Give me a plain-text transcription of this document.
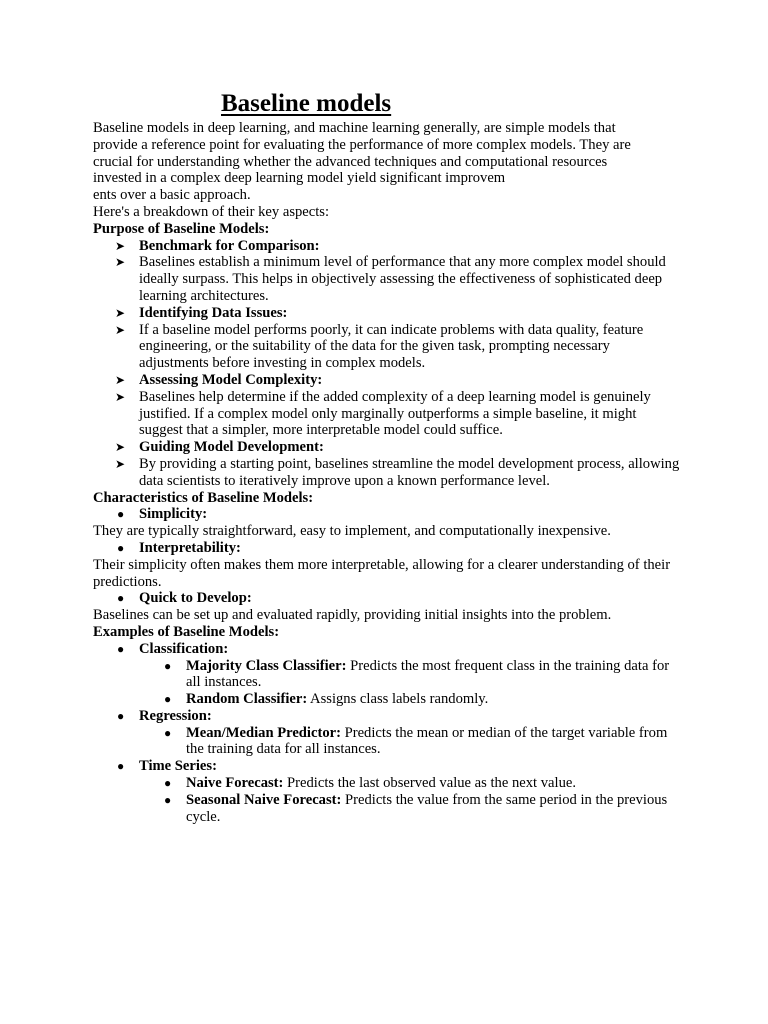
Baseline models

Baseline models in deep learning, and machine learning generally, are simple models that

provide a reference point for evaluating the performance of more complex models. They are

crucial for understanding whether the advanced techniques and computational resources

invested in a complex deep learning model yield significant improvem

ents over a basic approach.

Here's a breakdown of their key aspects:

Purpose of Baseline Models:

➤ Benchmark for Comparison:
➤ Baselines establish a minimum level of performance that any more complex model should ideally surpass. This helps in objectively assessing the effectiveness of sophisticated deep learning architectures.
➤ Identifying Data Issues:
➤ If a baseline model performs poorly, it can indicate problems with data quality, feature engineering, or the suitability of the data for the given task, prompting necessary adjustments before investing in complex models.
➤ Assessing Model Complexity:
➤ Baselines help determine if the added complexity of a deep learning model is genuinely justified. If a complex model only marginally outperforms a simple baseline, it might suggest that a simpler, more interpretable model could suffice.
➤ Guiding Model Development:
➤ By providing a starting point, baselines streamline the model development process, allowing data scientists to iteratively improve upon a known performance level.

Characteristics of Baseline Models:

● Simplicity:

They are typically straightforward, easy to implement, and computationally inexpensive.

● Interpretability:

Their simplicity often makes them more interpretable, allowing for a clearer understanding of their predictions.

● Quick to Develop:

Baselines can be set up and evaluated rapidly, providing initial insights into the problem.

Examples of Baseline Models:

● Classification:
● Majority Class Classifier: Predicts the most frequent class in the training data for all instances.
● Random Classifier: Assigns class labels randomly.
● Regression:
● Mean/Median Predictor: Predicts the mean or median of the target variable from the training data for all instances.
● Time Series:
● Naive Forecast: Predicts the last observed value as the next value.
● Seasonal Naive Forecast: Predicts the value from the same period in the previous cycle.
